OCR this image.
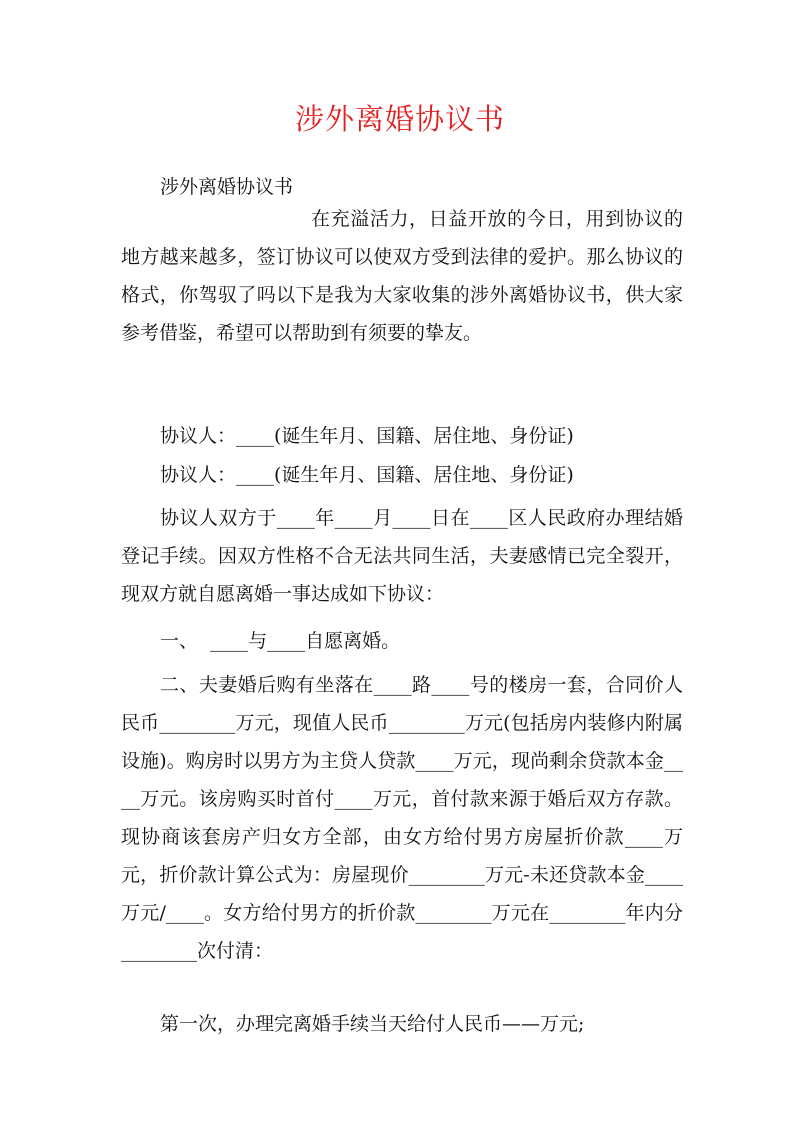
涉外离婚协议书
涉外离婚协议书
在充溢活力，日益开放的今日，用到协议的地方越来越多，签订协议可以使双方受到法律的爱护。那么协议的格式，你驾驭了吗以下是我为大家收集的涉外离婚协议书，供大家参考借鉴，希望可以帮助到有须要的挚友。
协议人：____(诞生年月、国籍、居住地、身份证)
协议人：____(诞生年月、国籍、居住地、身份证)
协议人双方于____年____月____日在____区人民政府办理结婚登记手续。因双方性格不合无法共同生活，夫妻感情已完全裂开，现双方就自愿离婚一事达成如下协议：
一、  ____与____自愿离婚。
二、夫妻婚后购有坐落在____路____号的楼房一套，合同价人民币________万元，现值人民币________万元(包括房内装修内附属设施)。购房时以男方为主贷人贷款____万元，现尚剩余贷款本金____万元。该房购买时首付____万元，首付款来源于婚后双方存款。现协商该套房产归女方全部，由女方给付男方房屋折价款____万元，折价款计算公式为：房屋现价________万元-未还贷款本金____万元/____。女方给付男方的折价款________万元在________年内分________次付清：
第一次，办理完离婚手续当天给付人民币——万元;
